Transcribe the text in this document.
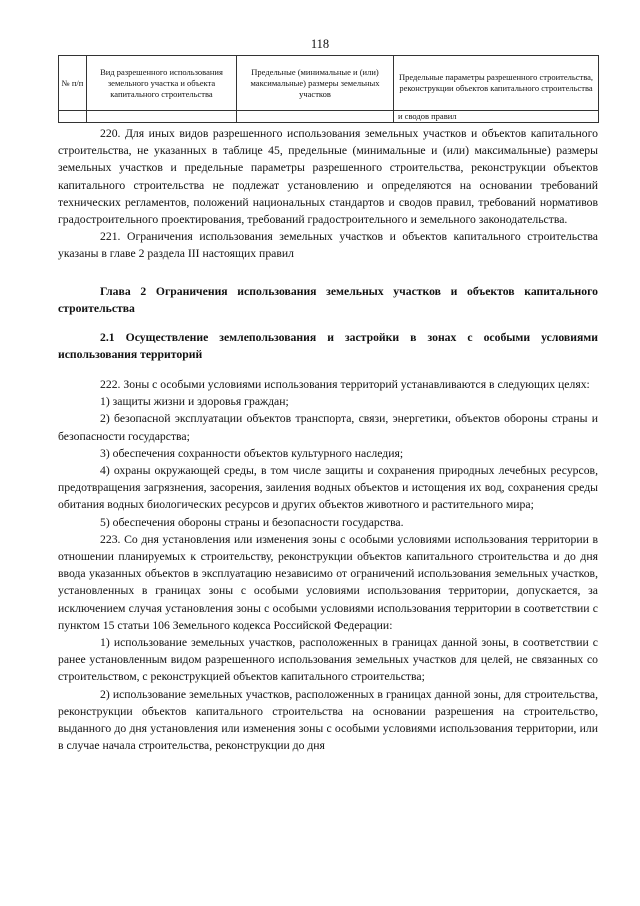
118
№ п/п	Вид разрешенного использования земельного участка и объекта капитального строительства	Предельные (минимальные и (или) максимальные) размеры земельных участков	Предельные параметры разрешенного строительства, реконструкции объектов капитального строительства
			и сводов правил

220. Для иных видов разрешенного использования земельных участков и объектов капитального строительства, не указанных в таблице 45, предельные (минимальные и (или) максимальные) размеры земельных участков и предельные параметры разрешенного строительства, реконструкции объектов капитального строительства не подлежат установлению и определяются на основании требований технических регламентов, положений национальных стандартов и сводов правил, требований нормативов градостроительного проектирования, требований градостроительного и земельного законодательства.

221. Ограничения использования земельных участков и объектов капитального строительства указаны в главе 2 раздела III настоящих правил

Глава 2 Ограничения использования земельных участков и объектов капитального строительства
2.1 Осуществление землепользования и застройки в зонах с особыми условиями использования территорий

222. Зоны с особыми условиями использования территорий устанавливаются в следующих целях:

1) защиты жизни и здоровья граждан;

2) безопасной эксплуатации объектов транспорта, связи, энергетики, объектов обороны страны и безопасности государства;

3) обеспечения сохранности объектов культурного наследия;

4) охраны окружающей среды, в том числе защиты и сохранения природных лечебных ресурсов, предотвращения загрязнения, засорения, заиления водных объектов и истощения их вод, сохранения среды обитания водных биологических ресурсов и других объектов животного и растительного мира;

5) обеспечения обороны страны и безопасности государства.

223. Со дня установления или изменения зоны с особыми условиями использования территории в отношении планируемых к строительству, реконструкции объектов капитального строительства и до дня ввода указанных объектов в эксплуатацию независимо от ограничений использования земельных участков, установленных в границах зоны с особыми условиями использования территории, допускается, за исключением случая установления зоны с особыми условиями использования территории в соответствии с пунктом 15 статьи 106 Земельного кодекса Российской Федерации:

1) использование земельных участков, расположенных в границах данной зоны, в соответствии с ранее установленным видом разрешенного использования земельных участков для целей, не связанных со строительством, с реконструкцией объектов капитального строительства;

2) использование земельных участков, расположенных в границах данной зоны, для строительства, реконструкции объектов капитального строительства на основании разрешения на строительство, выданного до дня установления или изменения зоны с особыми условиями использования территории, или в случае начала строительства, реконструкции до дня
